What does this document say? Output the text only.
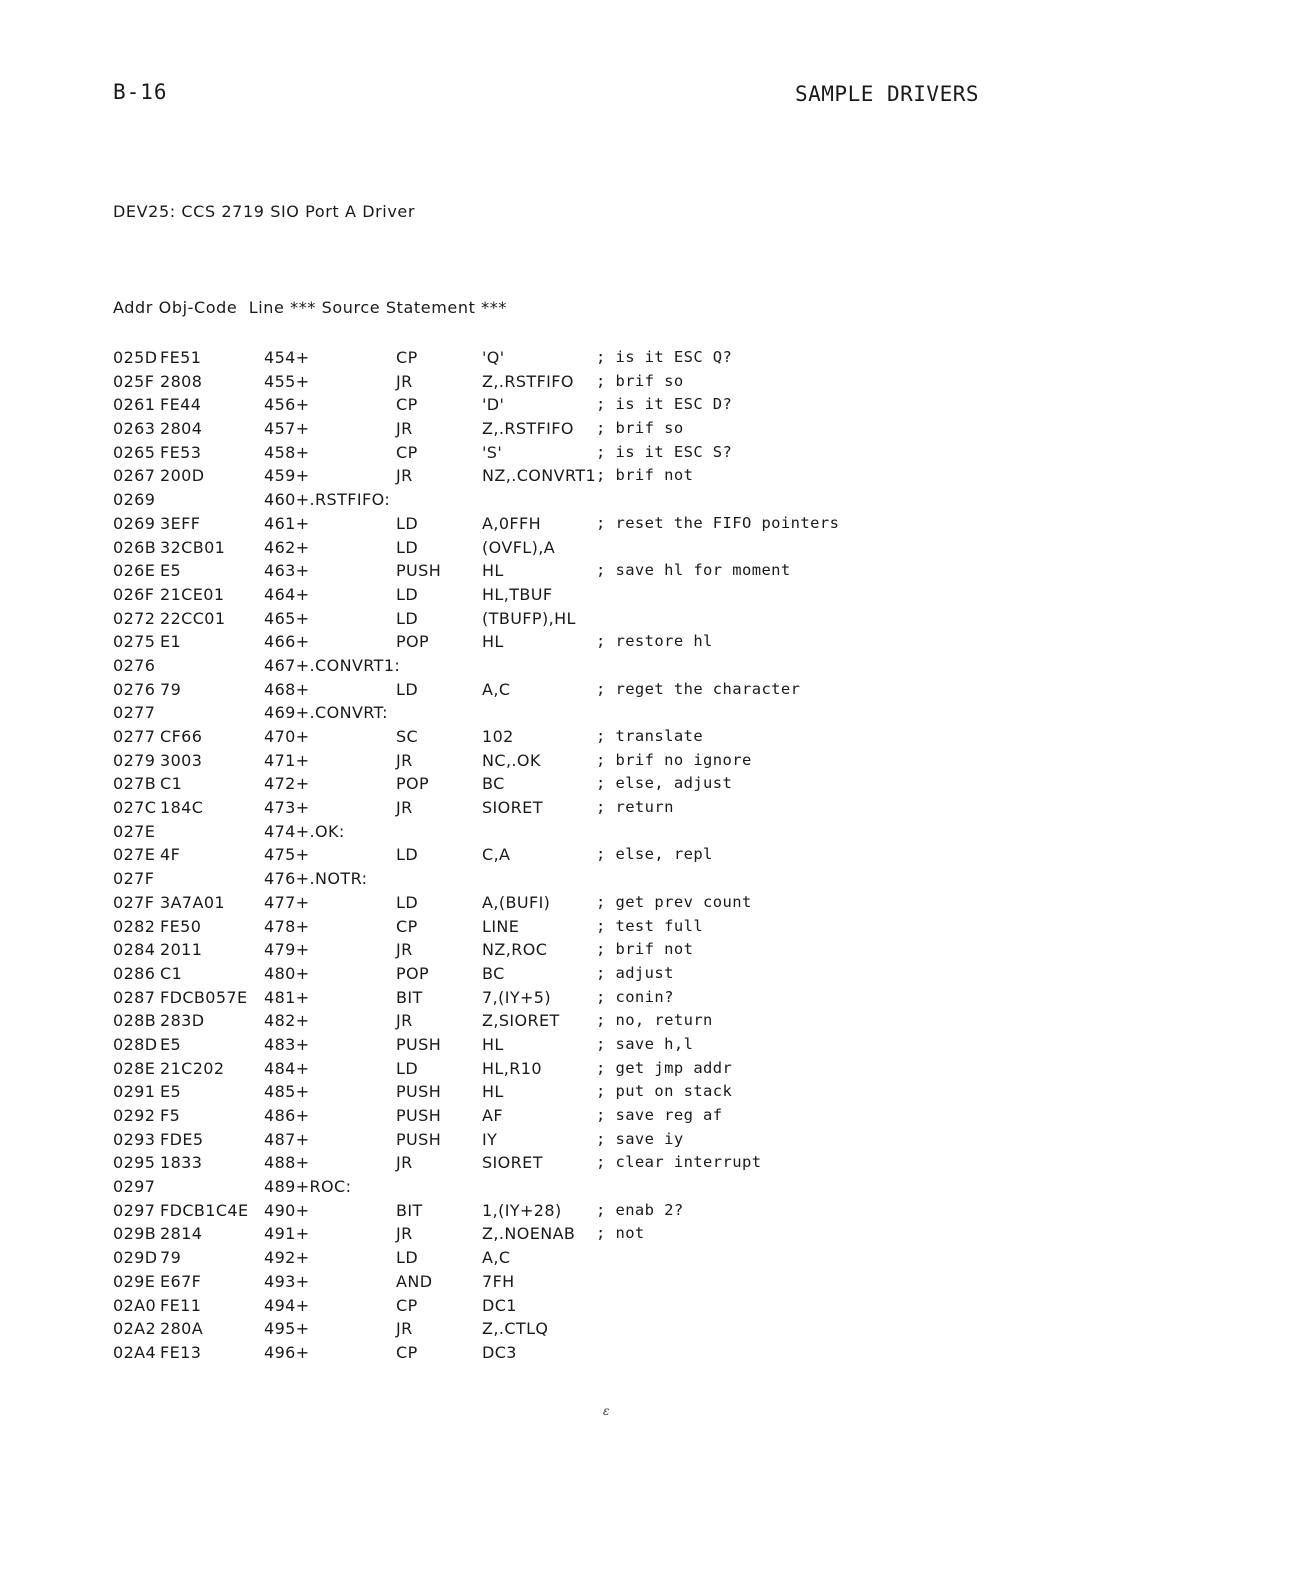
B-16	SAMPLE DRIVERS
DEV25: CCS 2719 SIO Port A Driver
Addr Obj-Code  Line *** Source Statement ***
025D FE51	454+	CP	'Q'	; is it ESC Q?
025F 2808	455+	JR	Z,.RSTFIFO ; brif so
0261 FE44	456+	CP	'D'	; is it ESC D?
0263 2804	457+	JR	Z,.RSTFIFO ; brif so
0265 FE53	458+	CP	'S'	; is it ESC S?
0267 200D	459+	JR	NZ,.CONVRT1 ; brif not
0269	460+.RSTFIFO:
0269 3EFF	461+	LD	A,0FFH	; reset the FIFO pointers
026B 32CB01 462+	LD	(OVFL),A
026E E5	463+	PUSH	HL	; save hl for moment
026F 21CE01 464+	LD	HL,TBUF
0272 22CC01 465+	LD	(TBUFP),HL
0275 E1	466+	POP	HL	; restore hl
0276	467+.CONVRT1:
0276 79	468+	LD	A,C	; reget the character
0277	469+.CONVRT:
0277 CF66	470+	SC	102	; translate
0279 3003	471+	JR	NC,.OK	; brif no ignore
027B C1	472+	POP	BC	; else, adjust
027C 184C	473+	JR	SIORET	; return
027E	474+.OK:
027E 4F	475+	LD	C,A	; else, repl
027F	476+.NOTR:
027F 3A7A01 477+	LD	A,(BUFI)	; get prev count
0282 FE50	478+	CP	LINE	; test full
0284 2011	479+	JR	NZ,ROC	; brif not
0286 C1	480+	POP	BC	; adjust
0287 FDCB057E 481+	BIT	7,(IY+5)	; conin?
028B 283D	482+	JR	Z,SIORET ; no, return
028D E5	483+	PUSH	HL	; save h,l
028E 21C202 484+	LD	HL,R10	; get jmp addr
0291 E5	485+	PUSH	HL	; put on stack
0292 F5	486+	PUSH	AF	; save reg af
0293 FDE5	487+	PUSH	IY	; save iy
0295 1833	488+	JR	SIORET	; clear interrupt
0297	489+ROC:
0297 FDCB1C4E 490+	BIT	1,(IY+28) ; enab 2?
029B 2814	491+	JR	Z,.NOENAB ; not
029D 79	492+	LD	A,C
029E E67F	493+	AND	7FH
02A0 FE11	494+	CP	DC1
02A2 280A	495+	JR	Z,.CTLQ
02A4 FE13	496+	CP	DC3
ε
